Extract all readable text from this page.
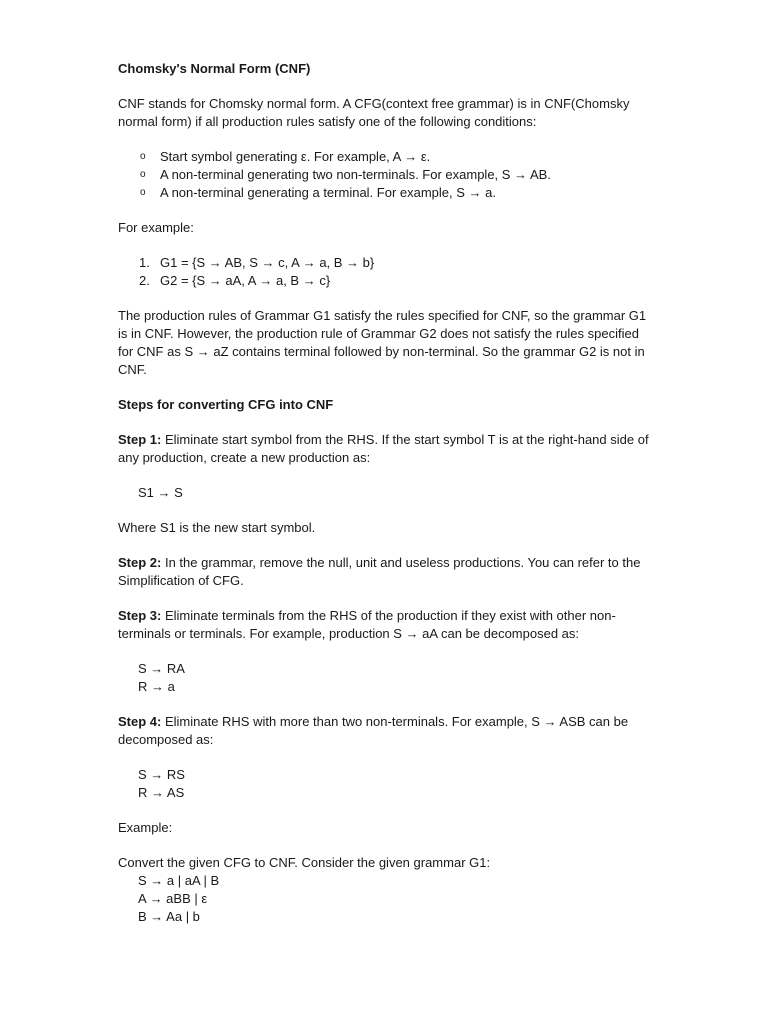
Chomsky's Normal Form (CNF)

CNF stands for Chomsky normal form. A CFG(context free grammar) is in CNF(Chomsky normal form) if all production rules satisfy one of the following conditions:

o Start symbol generating ε. For example, A → ε.
o A non-terminal generating two non-terminals. For example, S → AB.
o A non-terminal generating a terminal. For example, S → a.

For example:

1. G1 = {S → AB, S → c, A → a, B → b}
2. G2 = {S → aA, A → a, B → c}

The production rules of Grammar G1 satisfy the rules specified for CNF, so the grammar G1 is in CNF. However, the production rule of Grammar G2 does not satisfy the rules specified for CNF as S → aZ contains terminal followed by non-terminal. So the grammar G2 is not in CNF.

Steps for converting CFG into CNF

Step 1: Eliminate start symbol from the RHS. If the start symbol T is at the right-hand side of any production, create a new production as:

S1 → S

Where S1 is the new start symbol.

Step 2: In the grammar, remove the null, unit and useless productions. You can refer to the Simplification of CFG.

Step 3: Eliminate terminals from the RHS of the production if they exist with other non-terminals or terminals. For example, production S → aA can be decomposed as:

S → RA

R → a

Step 4: Eliminate RHS with more than two non-terminals. For example, S → ASB can be decomposed as:

S → RS

R → AS

Example:

Convert the given CFG to CNF. Consider the given grammar G1:

S → a | aA | B

A → aBB | ε

B → Aa | b
